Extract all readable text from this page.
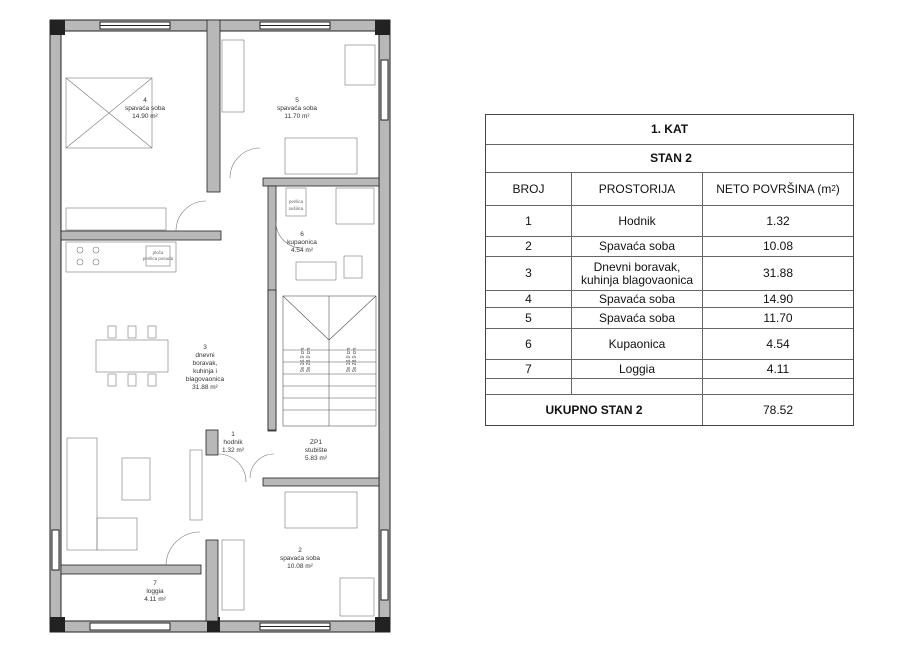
9x 16.0 cm 9x 28.0 cm	9x 16.0 cm 9x 28.0 cm
perilica
sušilica
ploča
perilica posuđa
4
spavaća soba
14.90 m²
5
spavaća soba
11.70 m²
6
kupaonica
4.54 m²
3
dnevni
boravak,
kuhinja i
blagovaonica
31.88 m²
1
hodnik
1.32 m²
ZP1
stubište
5.83 m²
2
spavaća soba
10.08 m²
7
loggia
4.11 m²
1. KAT
STAN 2
BROJ	PROSTORIJA	NETO POVRŠINA (m 2 )
1	Hodnik	1.32
2	Spavaća soba	10.08
3	Dnevni boravak,
kuhinja blagovaonica	31.88
4	Spavaća soba	14.90
5	Spavaća soba	11.70
6	Kupaonica	4.54
7	Loggia	4.11
UKUPNO STAN 2	78.52
